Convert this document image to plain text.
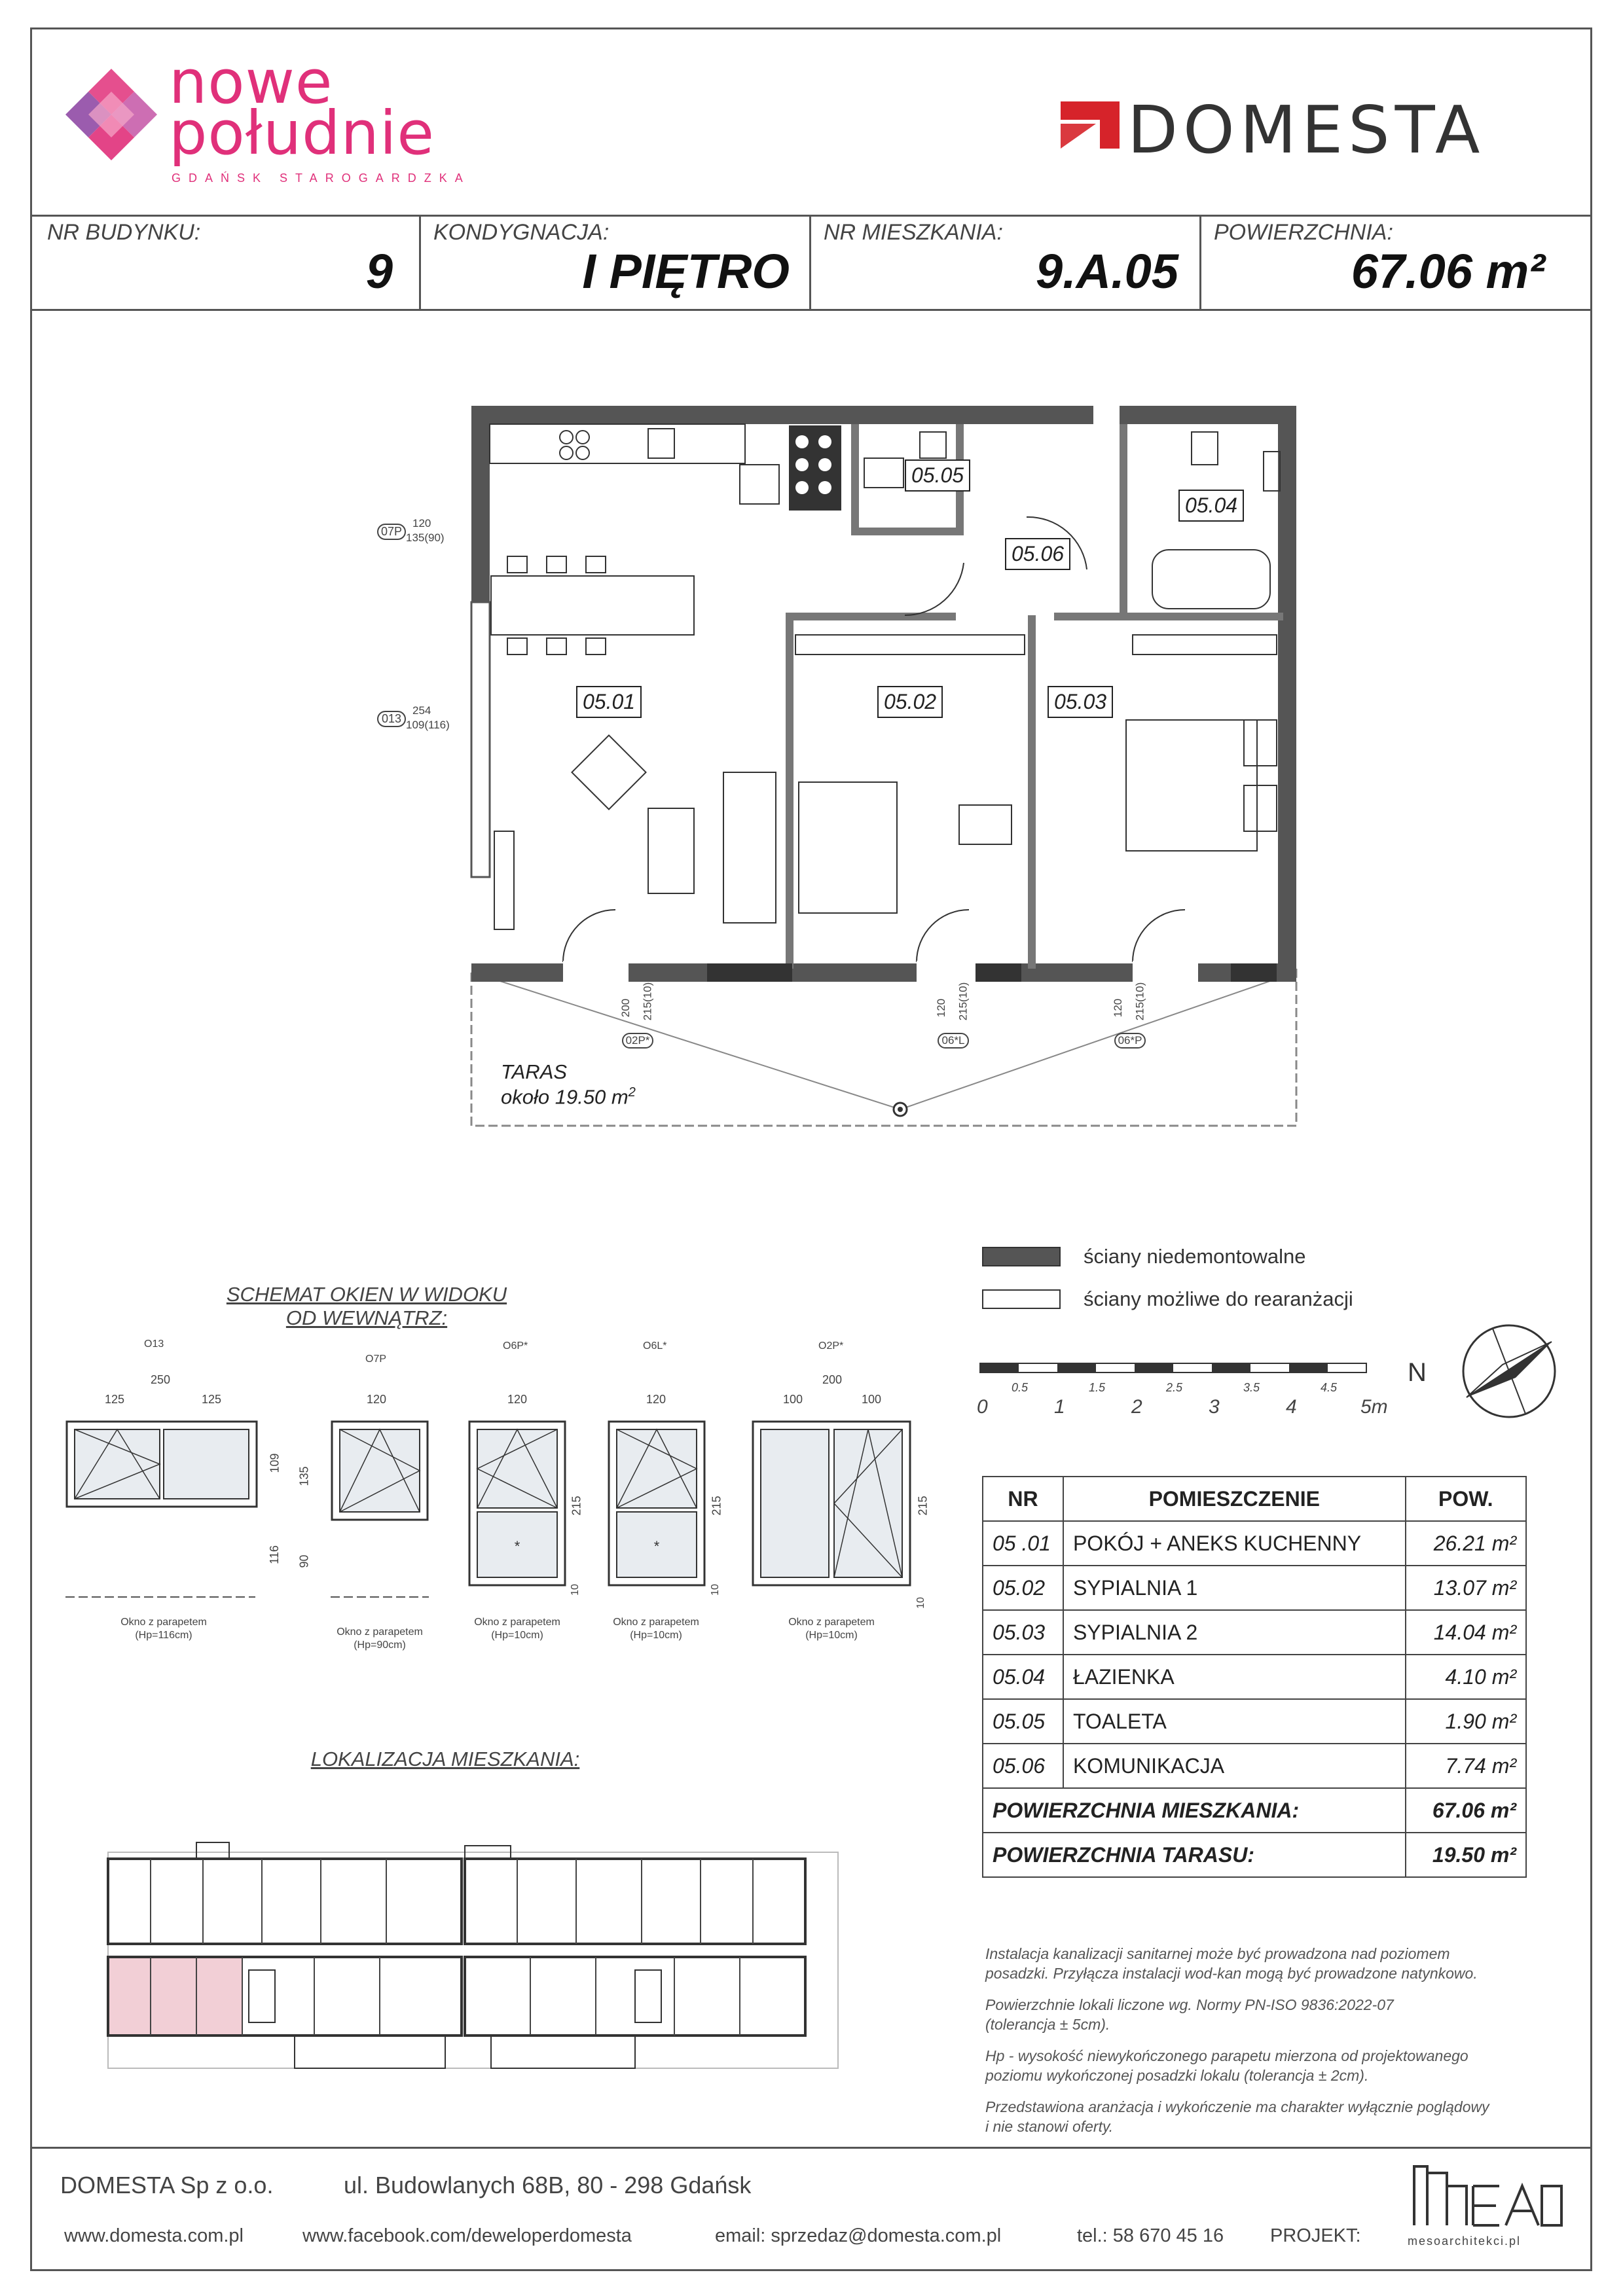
nowe
południe
GDAŃSK STAROGARDZKA
DOMESTA
NR BUDYNKU:
9
KONDYGNACJA:
I PIĘTRO
NR MIESZKANIA:
9.A.05
POWIERZCHNIA:
67.06 m²
05.01	05.02	05.03
05.04
05.05
05.06
07P
120
135(90)
013
254
109(116)
02P*	06*L	06*P
200 215(10)	120 215(10)	120 215(10)
TARAS
około 19.50 $m^2$
ściany niedemontowalne
ściany możliwe do rearanżacji
0.5	1.5	2.5	3.5	4.5
0	1	2	3	4	5m
N
SCHEMAT OKIEN W WIDOKU
OD WEWNĄTRZ:
O13
250
125	125
109
116
Okno z parapetem
(Hp=116cm)
O7P
120
135
90
Okno z parapetem
(Hp=90cm)
O6P*
120
*
215
10
Okno z parapetem
(Hp=10cm)
O6L*
120
*
215
10
Okno z parapetem
(Hp=10cm)
O2P*
200
100	100
215
10
Okno z parapetem
(Hp=10cm)
LOKALIZACJA MIESZKANIA:
NR	POMIESZCZENIE	POW.
05 .01	POKÓJ + ANEKS KUCHENNY	26.21 m²
05.02	SYPIALNIA 1	13.07 m²
05.03	SYPIALNIA 2	14.04 m²
05.04	ŁAZIENKA	4.10 m²
05.05	TOALETA	1.90 m²
05.06	KOMUNIKACJA	7.74 m²
POWIERZCHNIA MIESZKANIA:		67.06 m²
POWIERZCHNIA TARASU:		19.50 m²
Instalacja kanalizacji sanitarnej może być prowadzona nad poziomem
posadzki. Przyłącza instalacji wod-kan mogą być prowadzone natynkowo.
Powierzchnie lokali liczone wg. Normy PN-ISO 9836:2022-07
(tolerancja ± 5cm).
Hp - wysokość niewykończonego parapetu mierzona od projektowanego
poziomu wykończonej posadzki lokalu (tolerancja ± 2cm).
Przedstawiona aranżacja i wykończenie ma charakter wyłącznie poglądowy
i nie stanowi oferty.
DOMESTA Sp z o.o.	ul. Budowlanych 68B, 80 - 298 Gdańsk
www.domesta.com.pl	www.facebook.com/deweloperdomesta	email: sprzedaz@domesta.com.pl	tel.: 58 670 45 16 PROJEKT:	mesoarchitekci.pl
